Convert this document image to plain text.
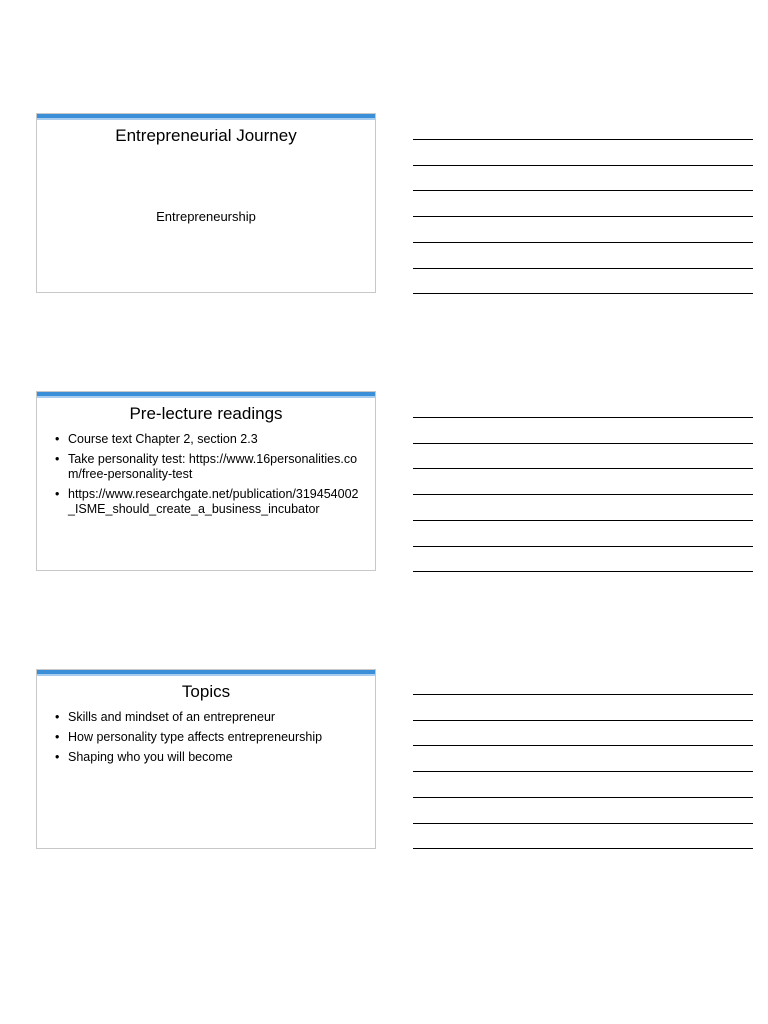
Entrepreneurial Journey
Entrepreneurship
Pre-lecture readings
• Course text Chapter 2, section 2.3
• Take personality test: https://www.16personalities.com/free-personality-test
• https://www.researchgate.net/publication/319454002_ISME_should_create_a_business_incubator
Topics
• Skills and mindset of an entrepreneur
• How personality type affects entrepreneurship
• Shaping who you will become
